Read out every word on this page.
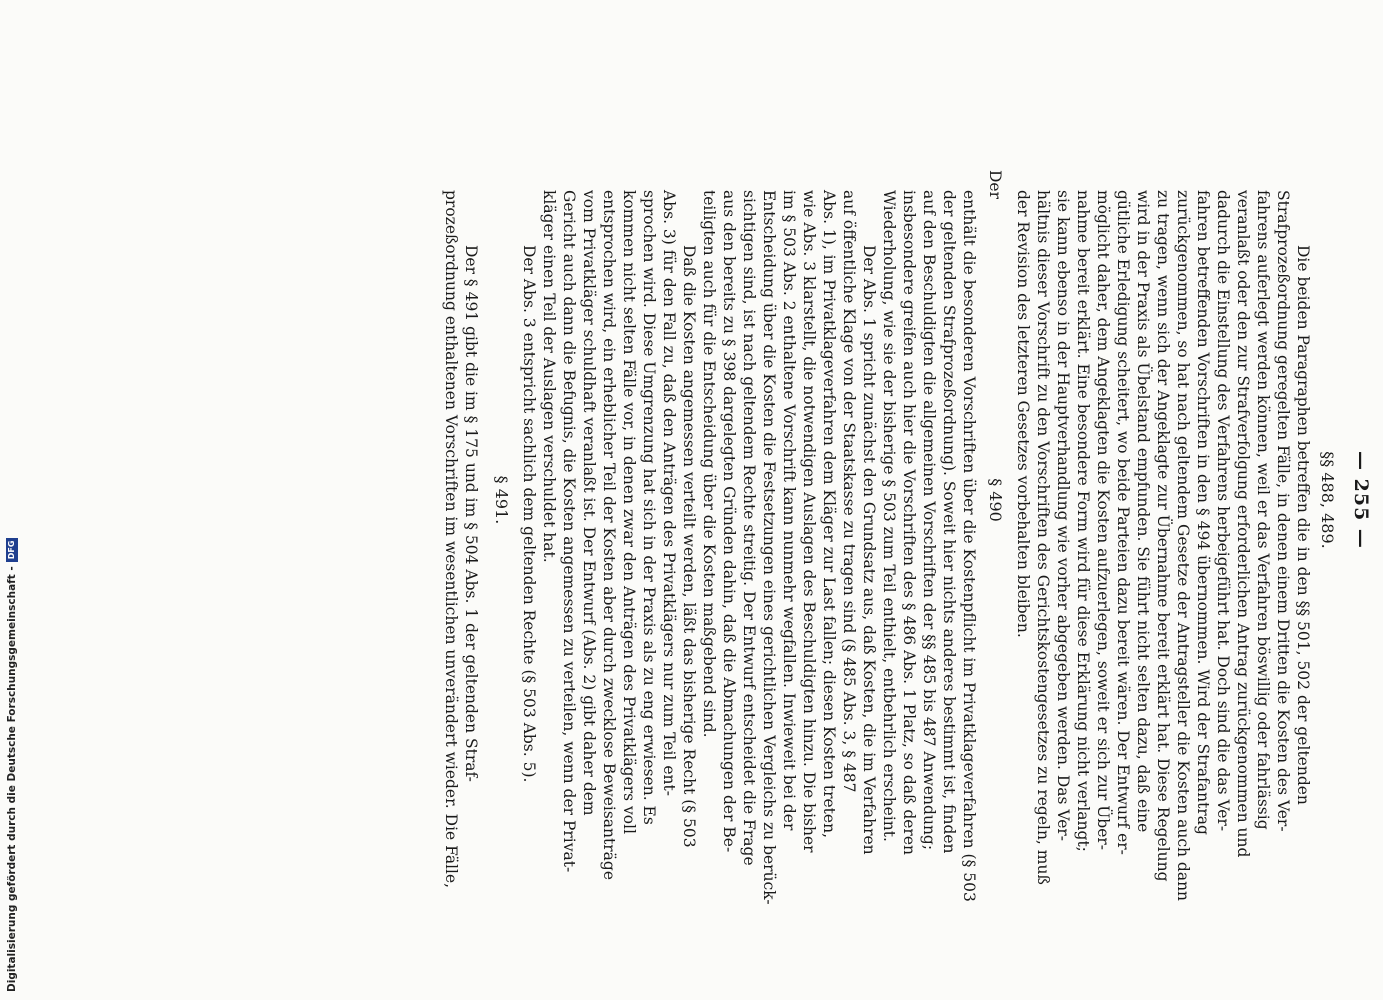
— 255 —
§§ 488, 489.
Die beiden Paragraphen betreffen die in den §§ 501, 502 der geltenden
Strafprozeßordnung geregelten Fälle, in denen einem Dritten die Kosten des Ver-
fahrens auferlegt werden können, weil er das Verfahren böswillig oder fahrlässig
veranlaßt oder den zur Strafverfolgung erforderlichen Antrag zurückgenommen und
dadurch die Einstellung des Verfahrens herbeigeführt hat. Doch sind die das Ver-
fahren betreffenden Vorschriften in den § 494 übernommen. Wird der Strafantrag
zurückgenommen, so hat nach geltendem Gesetze der Antragsteller die Kosten auch dann
zu tragen, wenn sich der Angeklagte zur Übernahme bereit erklärt hat. Diese Regelung
wird in der Praxis als Übelstand empfunden. Sie führt nicht selten dazu, daß eine
gütliche Erledigung scheitert, wo beide Parteien dazu bereit wären. Der Entwurf er-
möglicht daher, dem Angeklagten die Kosten aufzuerlegen, soweit er sich zur Über-
nahme bereit erklärt. Eine besondere Form wird für diese Erklärung nicht verlangt;
sie kann ebenso in der Hauptverhandlung wie vorher abgegeben werden. Das Ver-
hältnis dieser Vorschrift zu den Vorschriften des Gerichtskostengesetzes zu regeln, muß
der Revision des letzteren Gesetzes vorbehalten bleiben.
§ 490
Der
enthält die besonderen Vorschriften über die Kostenpflicht im Privatklageverfahren (§ 503
der geltenden Strafprozeßordnung). Soweit hier nichts anderes bestimmt ist, finden
auf den Beschuldigten die allgemeinen Vorschriften der §§ 485 bis 487 Anwendung;
insbesondere greifen auch hier die Vorschriften des § 486 Abs. 1 Platz, so daß deren
Wiederholung, wie sie der bisherige § 503 zum Teil enthielt, entbehrlich erscheint.
Der Abs. 1 spricht zunächst den Grundsatz aus, daß Kosten, die im Verfahren
auf öffentliche Klage von der Staatskasse zu tragen sind (§ 485 Abs. 3, § 487
Abs. 1), im Privatklageverfahren dem Kläger zur Last fallen; diesen Kosten treten,
wie Abs. 3 klarstellt, die notwendigen Auslagen des Beschuldigten hinzu. Die bisher
im § 503 Abs. 2 enthaltene Vorschrift kann nunmehr wegfallen. Inwieweit bei der
Entscheidung über die Kosten die Festsetzungen eines gerichtlichen Vergleichs zu berück-
sichtigen sind, ist nach geltendem Rechte streitig. Der Entwurf entscheidet die Frage
aus den bereits zu § 398 dargelegten Gründen dahin, daß die Abmachungen der Be-
teiligten auch für die Entscheidung über die Kosten maßgebend sind.
Daß die Kosten angemessen verteilt werden, läßt das bisherige Recht (§ 503
Abs. 3) für den Fall zu, daß den Anträgen des Privatklägers nur zum Teil ent-
sprochen wird. Diese Umgrenzung hat sich in der Praxis als zu eng erwiesen. Es
kommen nicht selten Fälle vor, in denen zwar den Anträgen des Privatklägers voll
entsprochen wird, ein erheblicher Teil der Kosten aber durch zwecklose Beweisanträge
vom Privatkläger schuldhaft veranlaßt ist. Der Entwurf (Abs. 2) gibt daher dem
Gericht auch dann die Befugnis, die Kosten angemessen zu verteilen, wenn der Privat-
kläger einen Teil der Auslagen verschuldet hat.
Der Abs. 3 entspricht sachlich dem geltenden Rechte (§ 503 Abs. 5).
§ 491.
Der § 491 gibt die im § 175 und im § 504 Abs. 1 der geltenden Straf-
prozeßordnung enthaltenen Vorschriften im wesentlichen unverändert wieder. Die Fälle,
Digitalisierung gefördert durch die Deutsche Forschungsgemeinschaft -
DFG
